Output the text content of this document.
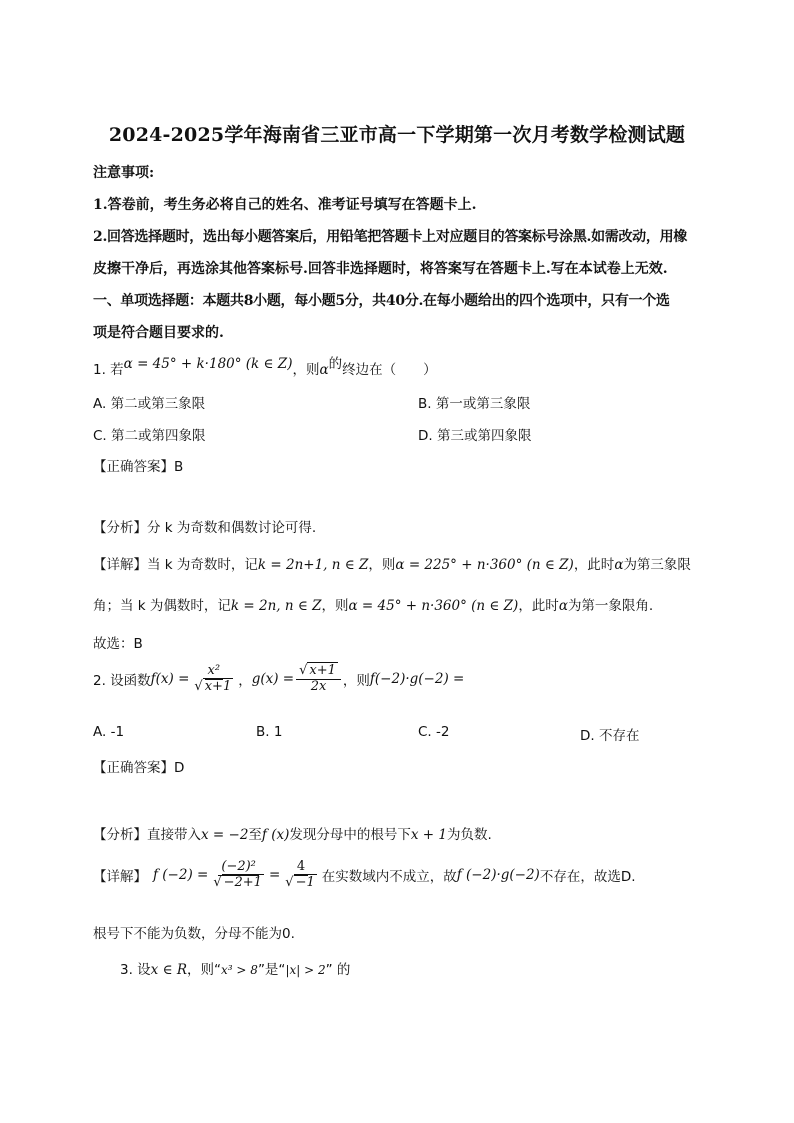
2024-2025学年海南省三亚市高一下学期第一次月考数学检测试题
注意事项:
1.答卷前，考生务必将自己的姓名、准考证号填写在答题卡上.
2.回答选择题时，选出每小题答案后，用铅笔把答题卡上对应题目的答案标号涂黑.如需改动，用橡
皮擦干净后，再选涂其他答案标号.回答非选择题时，将答案写在答题卡上.写在本试卷上无效.
一、单项选择题：本题共8小题，每小题5分，共40分.在每小题给出的四个选项中，只有一个选
项是符合题目要求的.
1. 若α = 45° + k·180° (k ∈ Z)，则α的终边在（　　）
A. 第二或第三象限	B. 第一或第三象限
C. 第二或第四象限	D. 第三或第四象限
【正确答案】B
【分析】分 k 为奇数和偶数讨论可得.
【详解】当 k 为奇数时，记k = 2n+1, n ∈ Z，则α = 225° + n·360° (n ∈ Z)，此时α为第三象限
角；当 k 为偶数时，记k = 2n, n ∈ Z，则α = 45° + n·360° (n ∈ Z)，此时α为第一象限角.
故选：B
2. 设函数 $f(x) = \frac{\text{x²}}{√ x+1}$ ， $g(x) = \frac{√ x+1}{2x}$ ，则 f(−2)·g(−2) =
A. -1	B. 1	C. -2	D. 不存在
【正确答案】D
【分析】直接带入x = −2至f (x)发现分母中的根号下x + 1为负数.
【详解】 f $(-2) = \frac{\text{(−2)²}}{√ -2+1} = \frac{4}{√ -1}$ 在实数域内不成立，故 f (−2)·g(−2) 不存在，故选D.
根号下不能为负数，分母不能为0.
3. 设x ∈ R，则“x³ > 8”是“|x| > 2” 的
